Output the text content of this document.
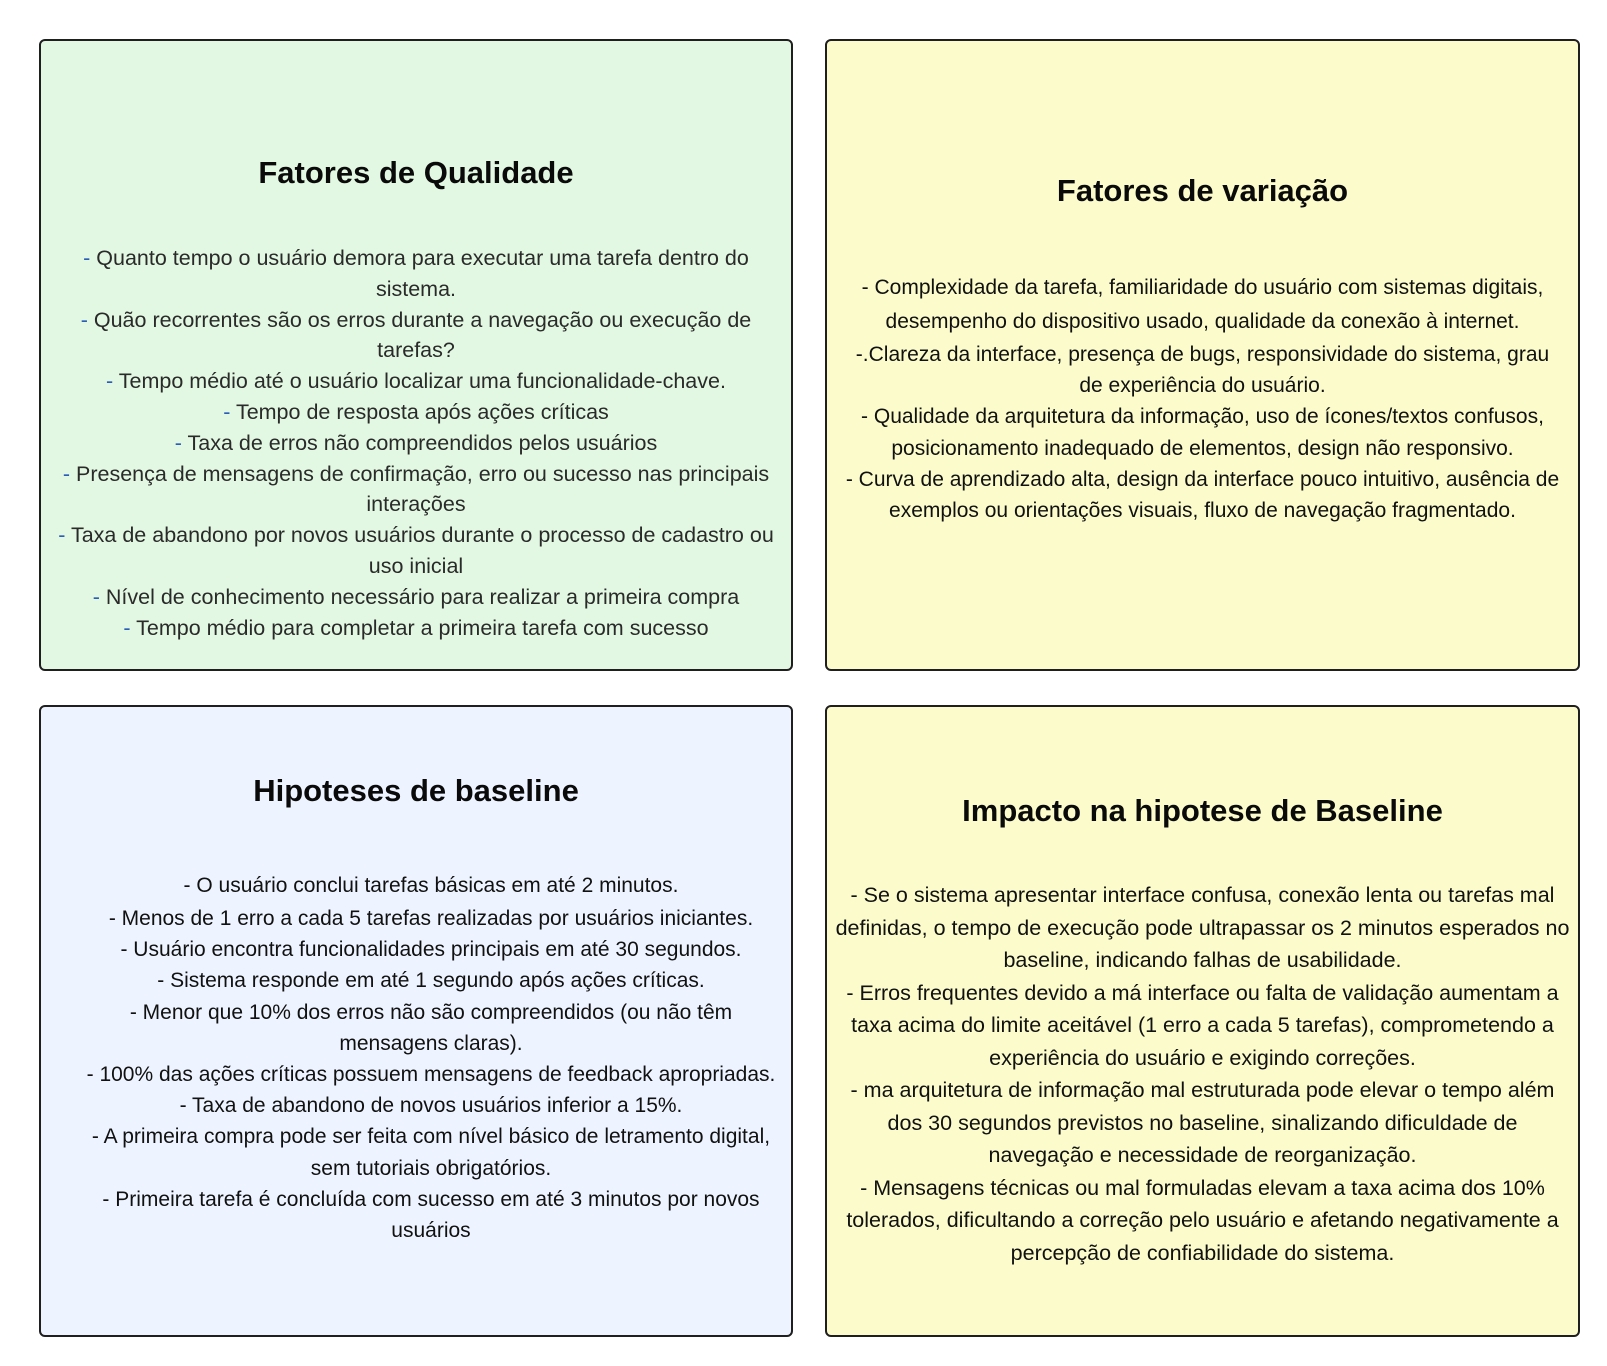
Fatores de Qualidade
- Quanto tempo o usuário demora para executar uma tarefa dentro do sistema.
- Quão recorrentes são os erros durante a navegação ou execução de tarefas?
- Tempo médio até o usuário localizar uma funcionalidade-chave.
- Tempo de resposta após ações críticas
- Taxa de erros não compreendidos pelos usuários
- Presença de mensagens de confirmação, erro ou sucesso nas principais interações
- Taxa de abandono por novos usuários durante o processo de cadastro ou uso inicial
- Nível de conhecimento necessário para realizar a primeira compra
- Tempo médio para completar a primeira tarefa com sucesso
Fatores de variação
- Complexidade da tarefa, familiaridade do usuário com sistemas digitais, desempenho do dispositivo usado, qualidade da conexão à internet.
-.Clareza da interface, presença de bugs, responsividade do sistema, grau de experiência do usuário.
- Qualidade da arquitetura da informação, uso de ícones/textos confusos, posicionamento inadequado de elementos, design não responsivo.
- Curva de aprendizado alta, design da interface pouco intuitivo, ausência de exemplos ou orientações visuais, fluxo de navegação fragmentado.
Hipoteses de baseline
- O usuário conclui tarefas básicas em até 2 minutos.
- Menos de 1 erro a cada 5 tarefas realizadas por usuários iniciantes.
- Usuário encontra funcionalidades principais em até 30 segundos.
- Sistema responde em até 1 segundo após ações críticas.
- Menor que 10% dos erros não são compreendidos (ou não têm mensagens claras).
- 100% das ações críticas possuem mensagens de feedback apropriadas.
- Taxa de abandono de novos usuários inferior a 15%.
- A primeira compra pode ser feita com nível básico de letramento digital, sem tutoriais obrigatórios.
- Primeira tarefa é concluída com sucesso em até 3 minutos por novos usuários
Impacto na hipotese de Baseline
- Se o sistema apresentar interface confusa, conexão lenta ou tarefas mal definidas, o tempo de execução pode ultrapassar os 2 minutos esperados no baseline, indicando falhas de usabilidade.
- Erros frequentes devido a má interface ou falta de validação aumentam a taxa acima do limite aceitável (1 erro a cada 5 tarefas), comprometendo a experiência do usuário e exigindo correções.
- ma arquitetura de informação mal estruturada pode elevar o tempo além dos 30 segundos previstos no baseline, sinalizando dificuldade de navegação e necessidade de reorganização.
- Mensagens técnicas ou mal formuladas elevam a taxa acima dos 10% tolerados, dificultando a correção pelo usuário e afetando negativamente a percepção de confiabilidade do sistema.
